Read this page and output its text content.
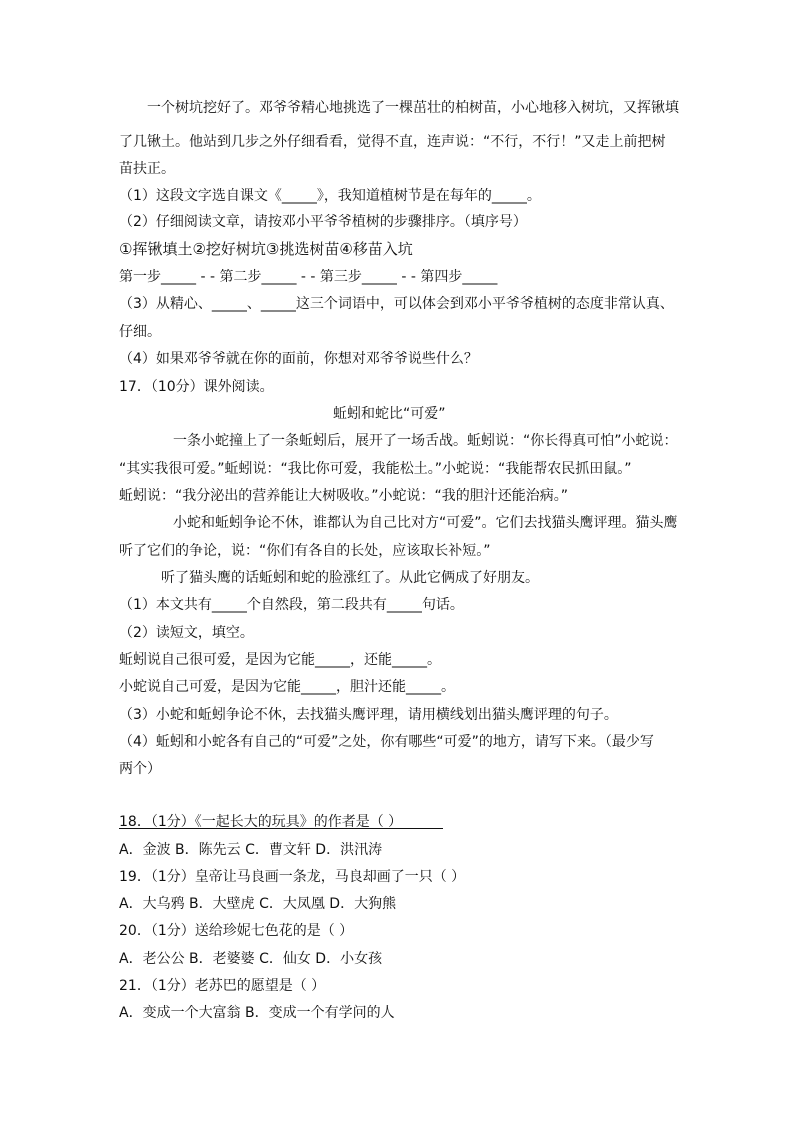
一个树坑挖好了。邓爷爷精心地挑选了一棵茁壮的柏树苗，小心地移入树坑，又挥锹填

了几锹土。他站到几步之外仔细看看，觉得不直，连声说：“不行，不行！”又走上前把树

苗扶正。

（1）这段文字选自课文《_____》，我知道植树节是在每年的_____。

（2）仔细阅读文章，请按邓小平爷爷植树的步骤排序。（填序号）

①挥锹填土②挖好树坑③挑选树苗④移苗入坑

第一步_____ - - 第二步_____ - - 第三步_____ - - 第四步_____

（3）从精心、_____、_____这三个词语中，可以体会到邓小平爷爷植树的态度非常认真、

仔细。

（4）如果邓爷爷就在你的面前，你想对邓爷爷说些什么？

17．（10分）课外阅读。

蚯蚓和蛇比“可爱”

一条小蛇撞上了一条蚯蚓后，展开了一场舌战。蚯蚓说：“你长得真可怕”小蛇说：

“其实我很可爱。”蚯蚓说：“我比你可爱，我能松土。”小蛇说：“我能帮农民抓田鼠。”

蚯蚓说：“我分泌出的营养能让大树吸收。”小蛇说：“我的胆汁还能治病。”

小蛇和蚯蚓争论不休，谁都认为自己比对方“可爱”。它们去找猫头鹰评理。猫头鹰

听了它们的争论，说：“你们有各自的长处，应该取长补短。”

听了猫头鹰的话蚯蚓和蛇的脸涨红了。从此它俩成了好朋友。

（1）本文共有_____个自然段，第二段共有_____句话。

（2）读短文，填空。

蚯蚓说自己很可爱，是因为它能_____，还能_____。

小蛇说自己可爱，是因为它能_____，胆汁还能_____。

（3）小蛇和蚯蚓争论不休，去找猫头鹰评理，请用横线划出猫头鹰评理的句子。

（4）蚯蚓和小蛇各有自己的“可爱”之处，你有哪些“可爱”的地方，请写下来。（最少写

两个）

18．（1分）《一起长大的玩具》的作者是（ ）

A．金波 B．陈先云 C．曹文轩 D．洪汛涛

19．（1分）皇帝让马良画一条龙，马良却画了一只（ ）

A．大乌鸦 B．大壁虎 C．大凤凰 D．大狗熊

20．（1分）送给珍妮七色花的是（ ）

A．老公公 B．老婆婆 C．仙女 D．小女孩

21．（1分）老苏巴的愿望是（ ）

A．变成一个大富翁 B．变成一个有学问的人
